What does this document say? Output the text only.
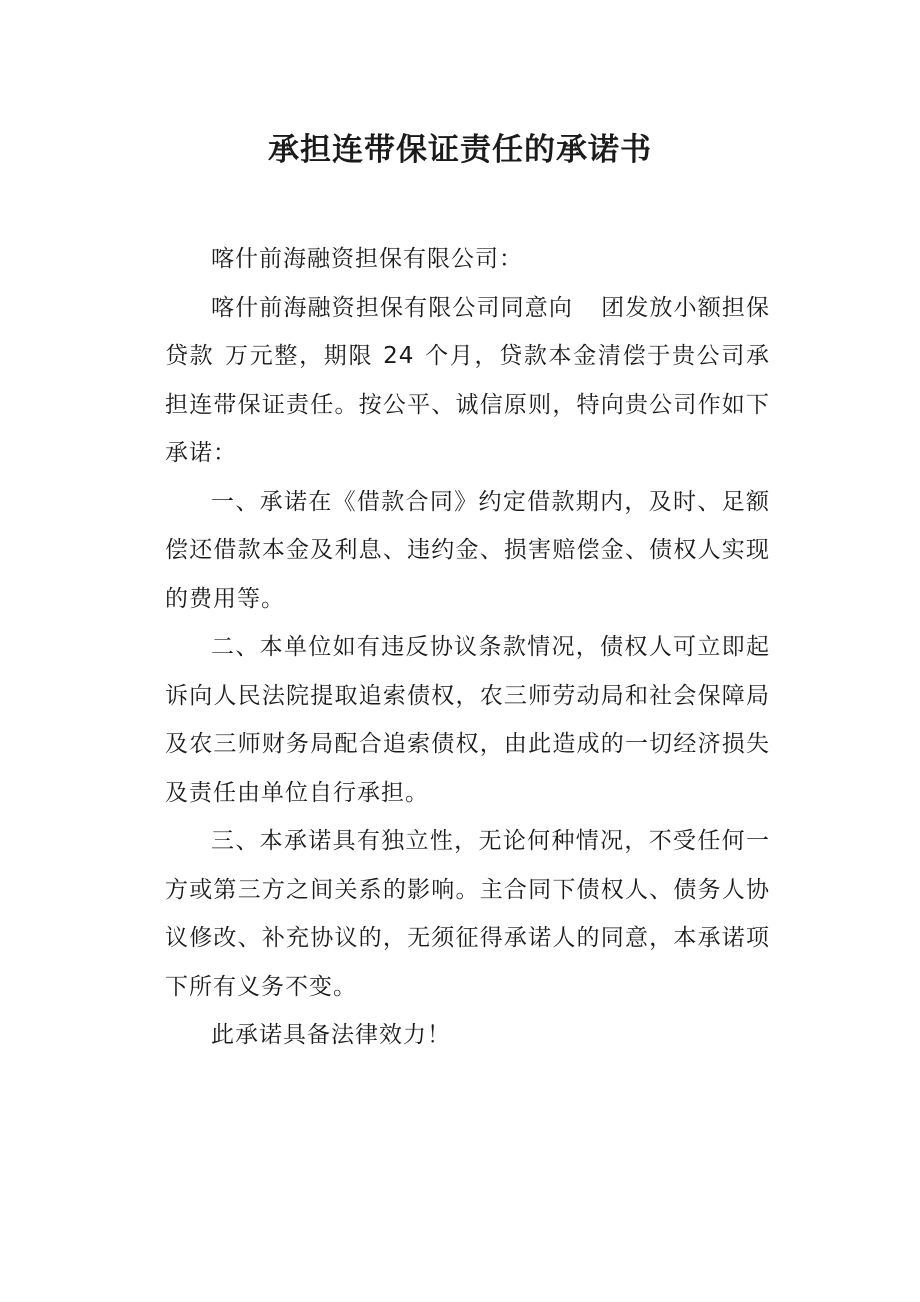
承担连带保证责任的承诺书

喀什前海融资担保有限公司：

喀什前海融资担保有限公司同意向 团发放小额担保贷款 万元整，期限 24 个月，贷款本金清偿于贵公司承担连带保证责任。按公平、诚信原则，特向贵公司作如下承诺：

一、承诺在《借款合同》约定借款期内，及时、足额偿还借款本金及利息、违约金、损害赔偿金、债权人实现的费用等。

二、本单位如有违反协议条款情况，债权人可立即起诉向人民法院提取追索债权，农三师劳动局和社会保障局及农三师财务局配合追索债权，由此造成的一切经济损失及责任由单位自行承担。

三、本承诺具有独立性，无论何种情况，不受任何一方或第三方之间关系的影响。主合同下债权人、债务人协议修改、补充协议的，无须征得承诺人的同意，本承诺项下所有义务不变。

此承诺具备法律效力！
